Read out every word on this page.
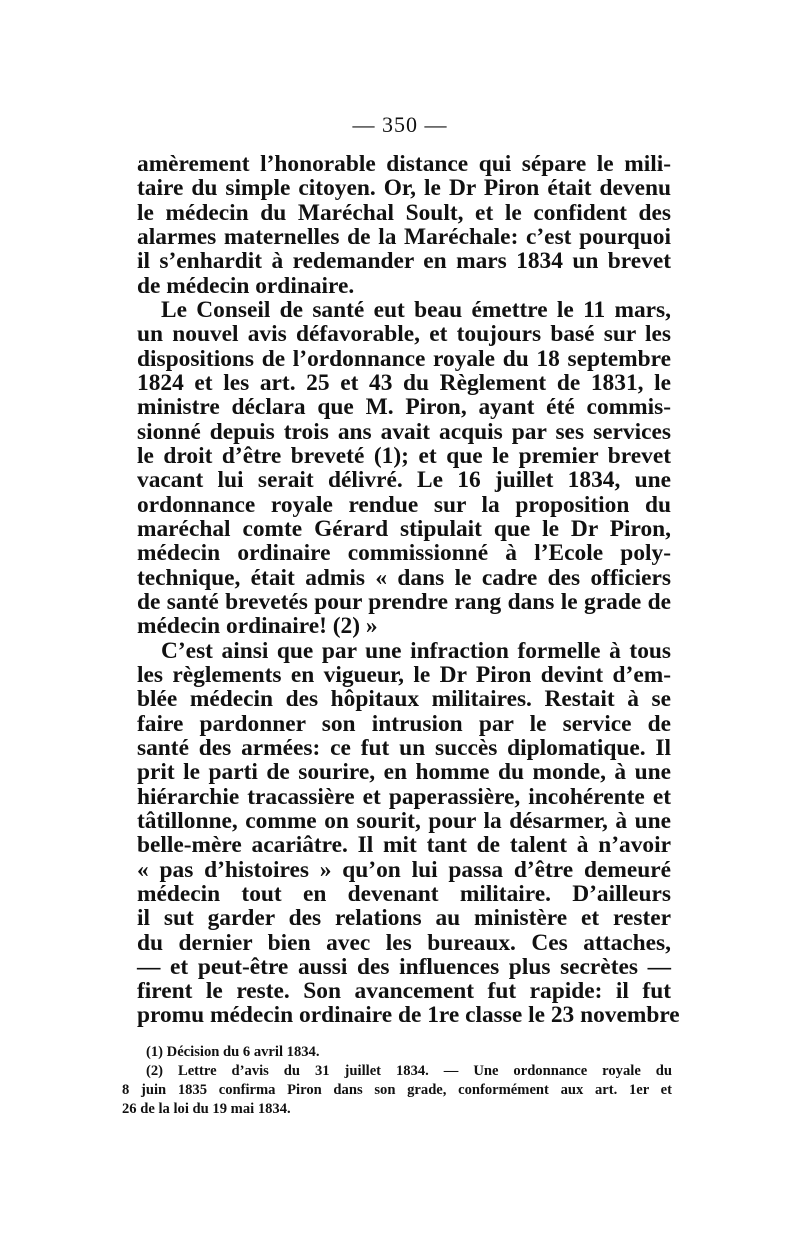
— 350 —
amèrement l’honorable distance qui sépare le mili-
taire du simple citoyen. Or, le Dr Piron était devenu
le médecin du Maréchal Soult, et le confident des
alarmes maternelles de la Maréchale: c’est pourquoi
il s’enhardit à redemander en mars 1834 un brevet
de médecin ordinaire.
Le Conseil de santé eut beau émettre le 11 mars,
un nouvel avis défavorable, et toujours basé sur les
dispositions de l’ordonnance royale du 18 septembre
1824 et les art. 25 et 43 du Règlement de 1831, le
ministre déclara que M. Piron, ayant été commis-
sionné depuis trois ans avait acquis par ses services
le droit d’être breveté (1); et que le premier brevet
vacant lui serait délivré. Le 16 juillet 1834, une
ordonnance royale rendue sur la proposition du
maréchal comte Gérard stipulait que le Dr Piron,
médecin ordinaire commissionné à l’Ecole poly-
technique, était admis « dans le cadre des officiers
de santé brevetés pour prendre rang dans le grade de
médecin ordinaire! (2) »
C’est ainsi que par une infraction formelle à tous
les règlements en vigueur, le Dr Piron devint d’em-
blée médecin des hôpitaux militaires. Restait à se
faire pardonner son intrusion par le service de
santé des armées: ce fut un succès diplomatique. Il
prit le parti de sourire, en homme du monde, à une
hiérarchie tracassière et paperassière, incohérente et
tâtillonne, comme on sourit, pour la désarmer, à une
belle-mère acariâtre. Il mit tant de talent à n’avoir
« pas d’histoires » qu’on lui passa d’être demeuré
médecin tout en devenant militaire. D’ailleurs
il sut garder des relations au ministère et rester
du dernier bien avec les bureaux. Ces attaches,
— et peut-être aussi des influences plus secrètes —
firent le reste. Son avancement fut rapide: il fut
promu médecin ordinaire de 1re classe le 23 novembre
(1) Décision du 6 avril 1834.
(2) Lettre d’avis du 31 juillet 1834. — Une ordonnance royale du
8 juin 1835 confirma Piron dans son grade, conformément aux art. 1er et
26 de la loi du 19 mai 1834.
